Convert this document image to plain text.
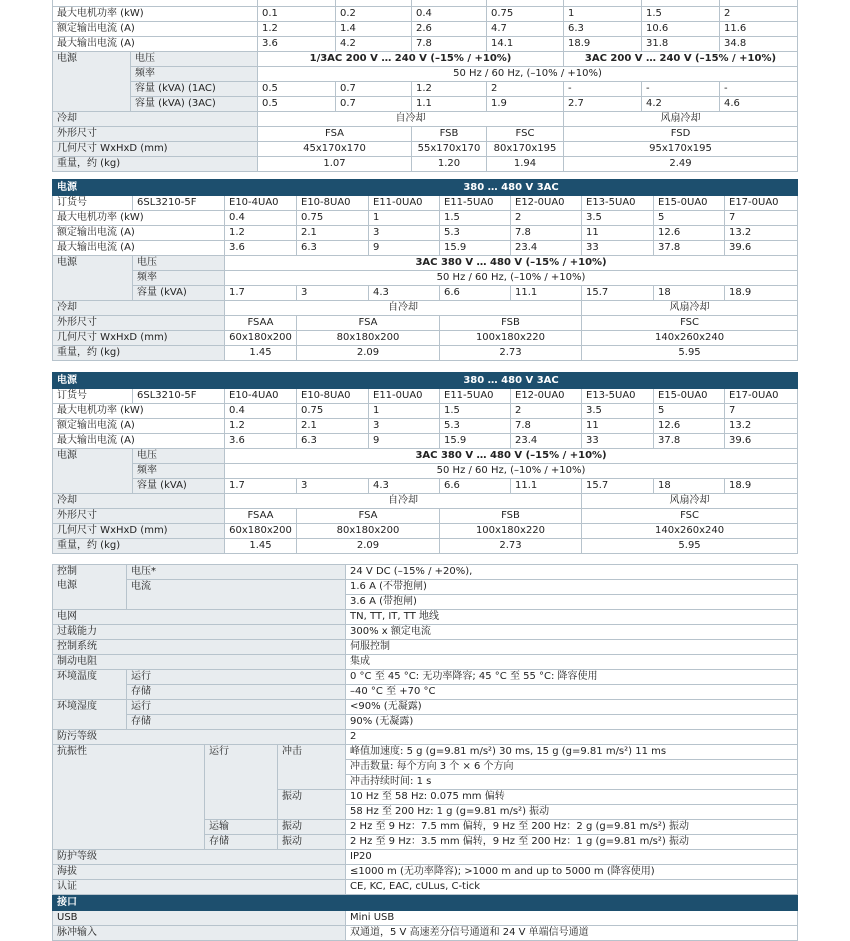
最大电机功率 (kW)		0.1	0.2	0.4	0.75	1	1.5	2
额定输出电流 (A)		1.2	1.4	2.6	4.7	6.3	10.6	11.6
最大输出电流 (A)		3.6	4.2	7.8	14.1	18.9	31.8	34.8
电源	电压	1/3AC 200 V … 240 V (–15% / +10%)				3AC 200 V … 240 V (–15% / +10%)		
	频率	50 Hz / 60 Hz, (–10% / +10%)						
	容量 (kVA) (1AC)	0.5	0.7	1.2	2	-	-	-
	容量 (kVA) (3AC)	0.5	0.7	1.1	1.9	2.7	4.2	4.6
冷却		自冷却				风扇冷却		
外形尺寸		FSA		FSB	FSC	FSD		
几何尺寸 WxHxD (mm)		45x170x170		55x170x170	80x170x195	95x170x195		
重量，约 (kg)		1.07		1.20	1.94	2.49		
电源		380 … 480 V 3AC							
订货号	6SL3210-5F	E10-4UA0	E10-8UA0	E11-0UA0	E11-5UA0	E12-0UA0	E13-5UA0	E15-0UA0	E17-0UA0
最大电机功率 (kW)		0.4	0.75	1	1.5	2	3.5	5	7
额定输出电流 (A)		1.2	2.1	3	5.3	7.8	11	12.6	13.2
最大输出电流 (A)		3.6	6.3	9	15.9	23.4	33	37.8	39.6
电源	电压	3AC 380 V … 480 V (–15% / +10%)							
	频率	50 Hz / 60 Hz, (–10% / +10%)							
	容量 (kVA)	1.7	3	4.3	6.6	11.1	15.7	18	18.9
冷却		自冷却					风扇冷却		
外形尺寸		FSAA	FSA		FSB		FSC		
几何尺寸 WxHxD (mm)		60x180x200	80x180x200		100x180x220		140x260x240		
重量，约 (kg)		1.45	2.09		2.73		5.95		
电源		380 … 480 V 3AC							
订货号	6SL3210-5F	E10-4UA0	E10-8UA0	E11-0UA0	E11-5UA0	E12-0UA0	E13-5UA0	E15-0UA0	E17-0UA0
最大电机功率 (kW)		0.4	0.75	1	1.5	2	3.5	5	7
额定输出电流 (A)		1.2	2.1	3	5.3	7.8	11	12.6	13.2
最大输出电流 (A)		3.6	6.3	9	15.9	23.4	33	37.8	39.6
电源	电压	3AC 380 V … 480 V (–15% / +10%)							
	频率	50 Hz / 60 Hz, (–10% / +10%)							
	容量 (kVA)	1.7	3	4.3	6.6	11.1	15.7	18	18.9
冷却		自冷却					风扇冷却		
外形尺寸		FSAA	FSA		FSB		FSC		
几何尺寸 WxHxD (mm)		60x180x200	80x180x200		100x180x220		140x260x240		
重量，约 (kg)		1.45	2.09		2.73		5.95		
控制
电源	电压*			24 V DC (–15% / +20%),
	电流			1.6 A (不带抱闸)
				3.6 A (带抱闸)
电网				TN, TT, IT, TT 地线
过载能力				300% x 额定电流
控制系统				伺服控制
制动电阻				集成
环境温度	运行			0 °C 至 45 °C: 无功率降容; 45 °C 至 55 °C: 降容使用
	存储			–40 °C 至 +70 °C
环境湿度	运行			<90% (无凝露)
	存储			90% (无凝露)
防污等级				2
抗振性		运行	冲击	峰值加速度: 5 g (g=9.81 m/s²) 30 ms, 15 g (g=9.81 m/s²) 11 ms
				冲击数量: 每个方向 3 个 × 6 个方向
				冲击持续时间: 1 s
			振动	10 Hz 至 58 Hz: 0.075 mm 偏转
				58 Hz 至 200 Hz: 1 g (g=9.81 m/s²) 振动
		运输	振动	2 Hz 至 9 Hz：7.5 mm 偏转，9 Hz 至 200 Hz：2 g (g=9.81 m/s²) 振动
		存储	振动	2 Hz 至 9 Hz：3.5 mm 偏转，9 Hz 至 200 Hz：1 g (g=9.81 m/s²) 振动
防护等级				IP20
海拔				≤1000 m (无功率降容); >1000 m and up to 5000 m (降容使用)
认证				CE, KC, EAC, cULus, C-tick
接口				
USB				Mini USB
脉冲输入				双通道，5 V 高速差分信号通道和 24 V 单端信号通道
